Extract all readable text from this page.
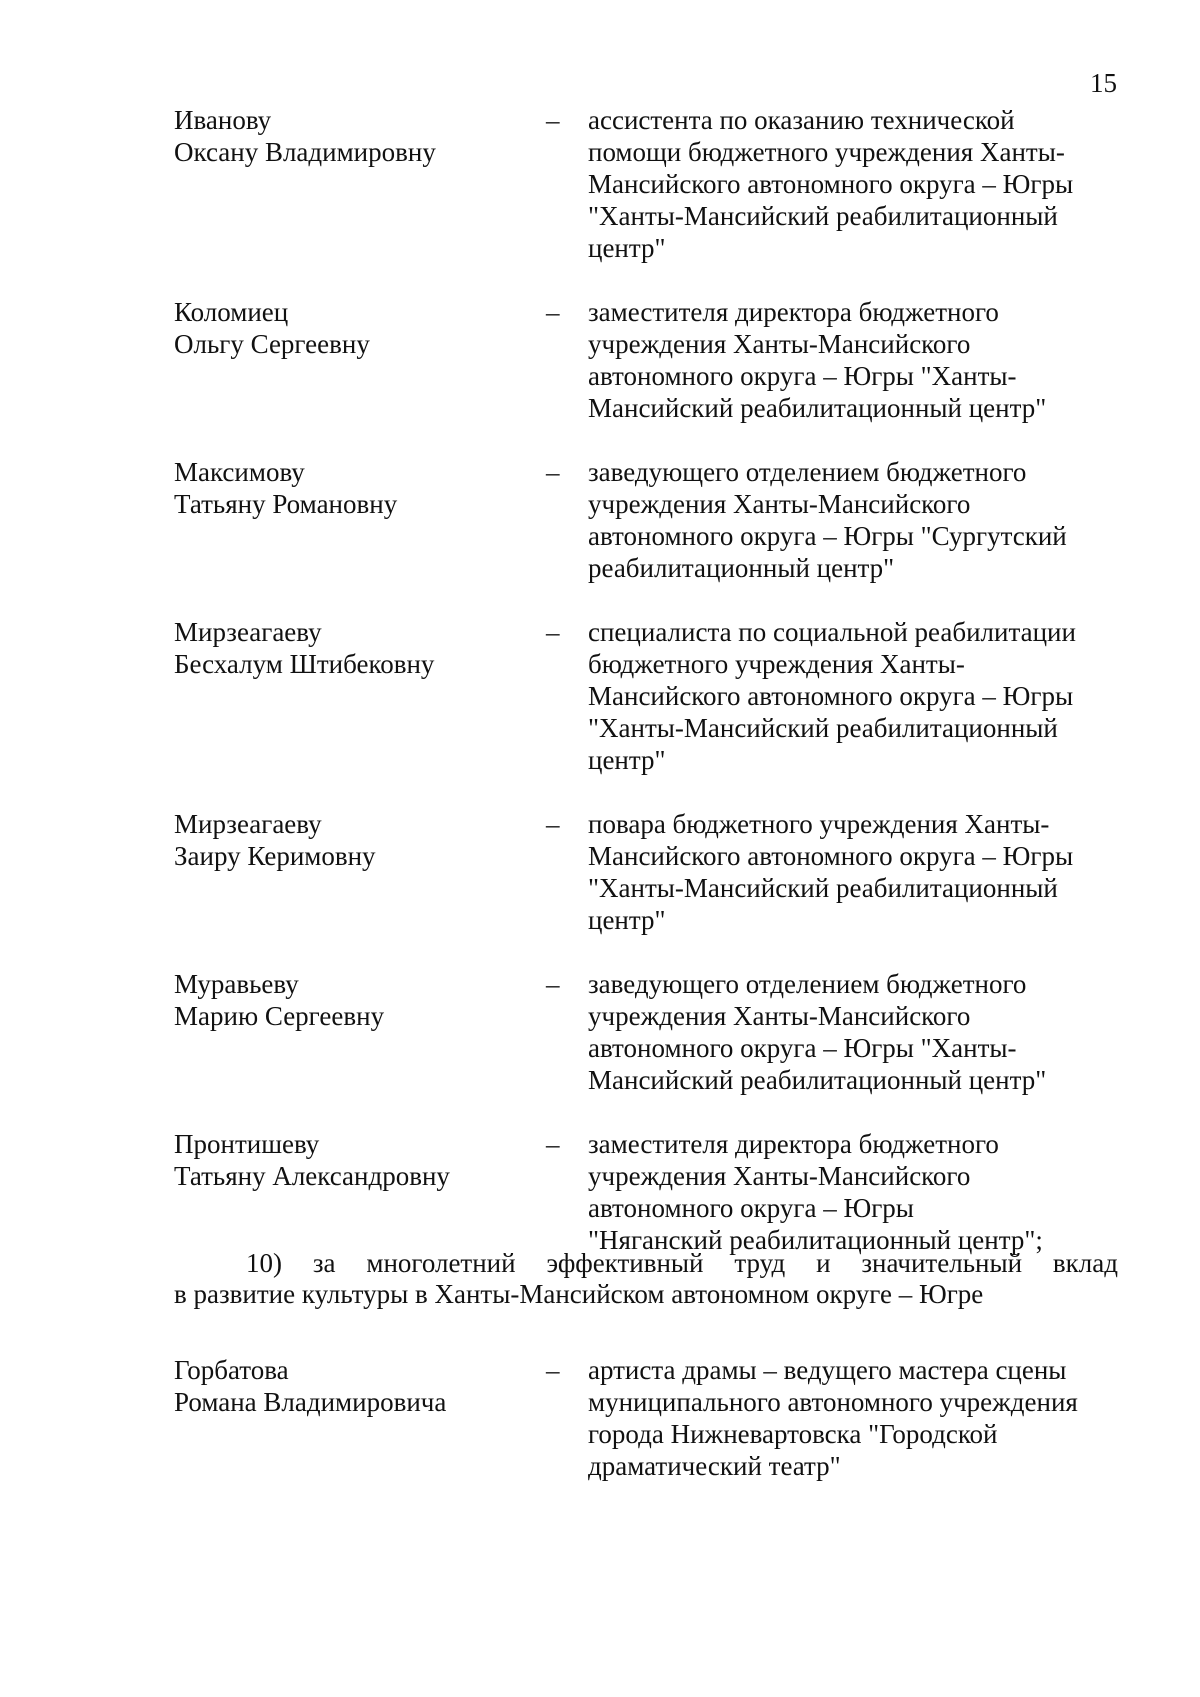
15
Иванову
Оксану Владимировну
– ассистента по оказанию технической
помощи бюджетного учреждения Ханты-
Мансийского автономного округа – Югры
"Ханты-Мансийский реабилитационный
центр"
Коломиец
Ольгу Сергеевну
– заместителя директора бюджетного
учреждения Ханты-Мансийского
автономного округа – Югры "Ханты-
Мансийский реабилитационный центр"
Максимову
Татьяну Романовну
– заведующего отделением бюджетного
учреждения Ханты-Мансийского
автономного округа – Югры "Сургутский
реабилитационный центр"
Мирзеагаеву
Бесхалум Штибековну
– специалиста по социальной реабилитации
бюджетного учреждения Ханты-
Мансийского автономного округа – Югры
"Ханты-Мансийский реабилитационный
центр"
Мирзеагаеву
Заиру Керимовну
– повара бюджетного учреждения Ханты-
Мансийского автономного округа – Югры
"Ханты-Мансийский реабилитационный
центр"
Муравьеву
Марию Сергеевну
– заведующего отделением бюджетного
учреждения Ханты-Мансийского
автономного округа – Югры "Ханты-
Мансийский реабилитационный центр"
Пронтишеву
Татьяну Александровну
– заместителя директора бюджетного
учреждения Ханты-Мансийского
автономного округа – Югры
"Няганский реабилитационный центр";
10) за многолетний эффективный труд и значительный вклад
в развитие культуры в Ханты-Мансийском автономном округе – Югре
Горбатова
Романа Владимировича
– артиста драмы – ведущего мастера сцены
муниципального автономного учреждения
города Нижневартовска "Городской
драматический театр"
